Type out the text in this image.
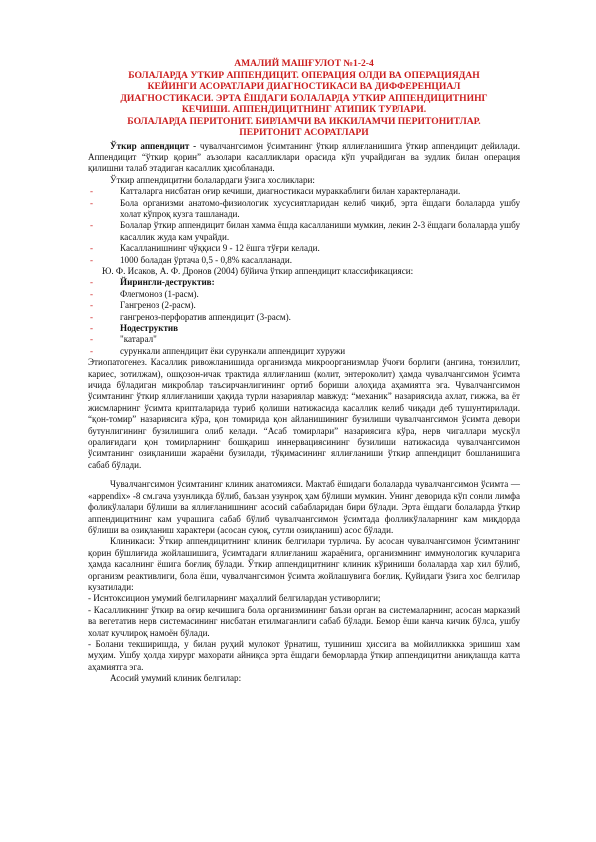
АМАЛИЙ МАШҒУЛОТ №1-2-4
БОЛАЛАРДА УТКИР АППЕНДИЦИТ. ОПЕРАЦИЯ ОЛДИ ВА ОПЕРАЦИЯДАН
КЕЙИНГИ АСОРАТЛАРИ ДИАГНОСТИКАСИ ВА ДИФФЕРЕНЦИАЛ
ДИАГНОСТИКАСИ. ЭРТА ЁШДАГИ БОЛАЛАРДА УТКИР АППЕНДИЦИТНИНГ
КЕЧИШИ. АППЕНДИЦИТНИНГ АТИПИК ТУРЛАРИ.
БОЛАЛАРДА ПЕРИТОНИТ. БИРЛАМЧИ ВА ИККИЛАМЧИ ПЕРИТОНИТЛАР.
ПЕРИТОНИТ АСОРАТЛАРИ

Ўткир аппендицит - чувалчангсимон ўсимтанинг ўткир яллиғланишига ўткир аппендицит дейилади. Аппендицит “ўткир қорин” аъзолари касалликлари орасида кўп учрайдиган ва зудлик билан операция қилишни талаб этадиган касаллик ҳисобланади.

Ўткир аппендицитни болалардаги ўзига хосликлари:

-	Катталарга нисбатан оғир кечиши, диагностикаси мураккаблиги билан характерланади.
-	Бола организми анатомо-физиологик хусусиятларидан келиб чиқиб, эрта ёшдаги болаларда ушбу холат кўпроқ кузга ташланади.
-	Болалар ўткир аппендицит билан хамма ёшда касалланиши мумкин, лекин 2-3 ёшдаги болаларда ушбу касаллик жуда кам учрайди.
-	Касалланишнинг чўққиси 9 - 12 ёшга тўғри келади.
-	1000 боладан ўртача 0,5 - 0,8% касалланади.

Ю. Ф. Исаков, А. Ф. Дронов (2004) бўйича ўткир аппендицит классификацияси:

-	Йирингли-деструктив:
-	Флегмоноз (1-расм).
-	Гангреноз (2-расм).
-	гангреноз-перфоратив аппендицит (3-расм).
-	Нодеструктив
-	"катарал"
-	сурункали аппендицит ёки сурункали аппендицит хуружи

Этиопатогенез. Касаллик ривожланишида организмда микроорганизмлар ўчоғи борлиги (ангина, тонзиллит, кариес, зотилжам), ошқозон-ичак трактида яллиғланиш (колит, энтероколит) ҳамда чувалчангсимон ўсимта ичида бўладиган микроблар таъсирчанлигининг ортиб бориши алоҳида аҳамиятга эга. Чувалчангсимон ўсимтанинг ўткир яллиғланиши ҳақида турли назариялар мавжуд: “механик” назариясида ахлат, гижжа, ва ёт жисмларнинг ўсимта крипталарида туриб қолиши натижасида касаллик келиб чиқади деб тушунтирилади. “қон-томир” назариясига кўра, қон томирида қон айланишининг бузилиши чувалчангсимон ўсимта девори бутунлигининг бузилишига олиб келади. “Асаб томирлари” назариясига кўра, нерв чигаллари мускўл оралиғидаги қон томирларнинг бошқариш иннервациясининг бузилиши натижасида чувалчангсимон ўсимтанинг озиқланиши жараёни бузилади, тўқимасининг яллиғланиши ўткир аппендицит бошланишига сабаб бўлади.

Чувалчангсимон ўсимтанинг клиник анатомияси. Мактаб ёшидаги болаларда чувалчангсимон ўсимта — «appendix» -8 см.гача узунликда бўлиб, баъзан узунроқ ҳам бўлиши мумкин. Унинг деворида кўп сонли лимфа фоликўлалари бўлиши ва яллиғланишнинг асосий сабабларидан бири бўлади. Эрта ёшдаги болаларда ўткир аппендицитнинг кам учрашига сабаб бўлиб чувалчангсимон ўсимтада фолликўлаларнинг кам миқдорда бўлиши ва озиқланиш характери (асосан суюқ, сутли озиқланиш) асос бўлади.

Клиникаси: Ўткир аппендицитнинг клиник белгилари турлича. Бу асосан чувалчангсимон ўсимтанинг қорин бўшлиғида жойлашишига, ўсимтадаги яллиғланиш жараёнига, организмнинг иммунологик кучларига ҳамда касалнинг ёшига боғлиқ бўлади. Ўткир аппендицитнинг клиник кўриниши болаларда хар хил бўлиб, организм реактивлиги, бола ёши, чувалчангсимон ўсимта жойлашувига боғлиқ. Қуйидаги ўзига хос белгилар кузатилади:

- Иснтоксицион умумий белгиларнинг маҳаллий белгилардан устиворлиги;

- Касалликнинг ўткир ва оғир кечишига бола организмининг баъзи орган ва системаларнинг, асосан марказий ва вегетатив нерв системасининг нисбатан етилмаганлиги сабаб бўлади. Бемор ёши канча кичик бўлса, ушбу холат кучлироқ намоён бўлади.

- Болани текширишда, у билан руҳий мулокот ўрнатиш, тушиниш ҳиссига ва мойилликкка эришиш хам муҳим. Ушбу ҳолда хирург махорати айниқса эрта ёшдаги беморларда ўткир аппендицитни аниқлашда катта аҳамиятга эга.

Асосий умумий клиник белгилар:
